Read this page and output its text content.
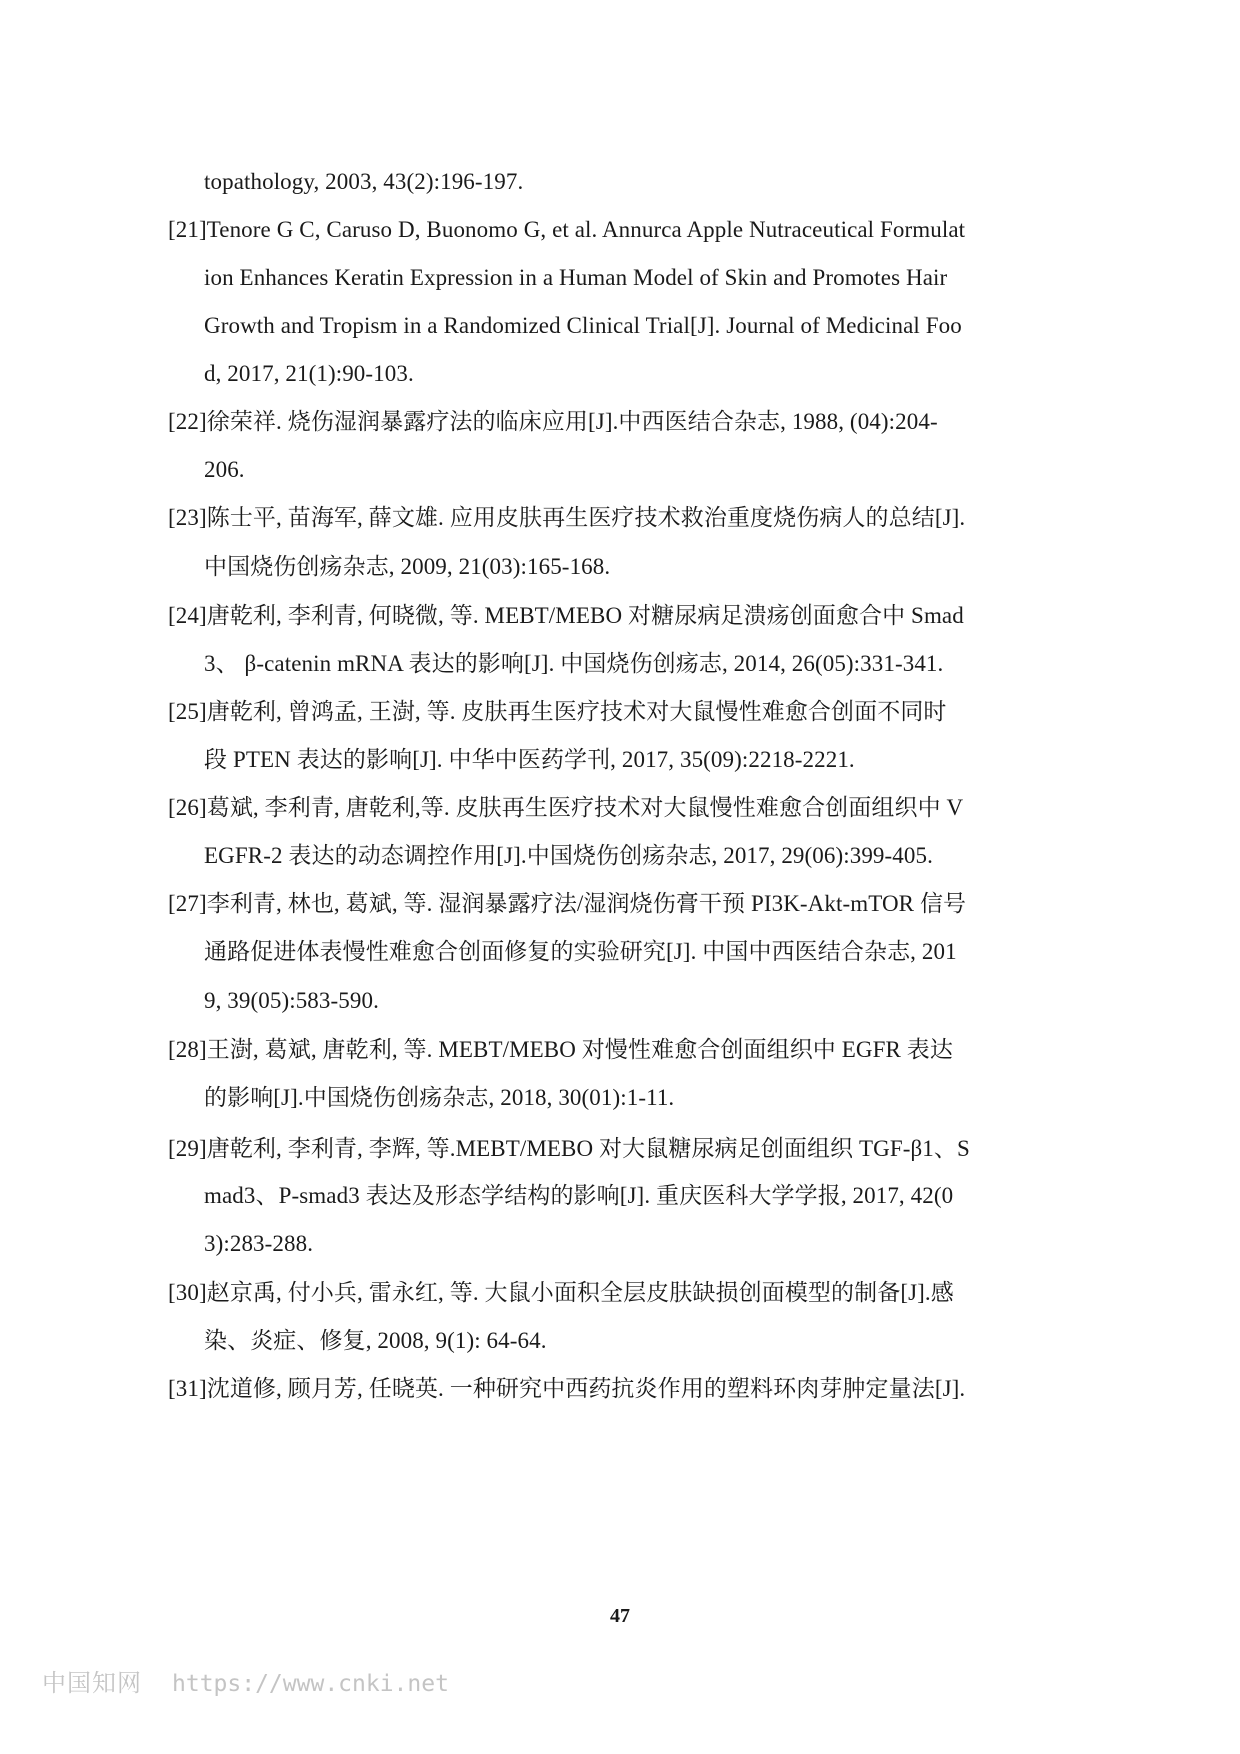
topathology, 2003, 43(2):196-197.
[21]Tenore G C, Caruso D, Buonomo G, et al. Annurca Apple Nutraceutical Formulat
ion Enhances Keratin Expression in a Human Model of Skin and Promotes Hair
Growth and Tropism in a Randomized Clinical Trial[J]. Journal of Medicinal Foo
d, 2017, 21(1):90-103.
[22]徐荣祥. 烧伤湿润暴露疗法的临床应用[J].中西医结合杂志, 1988, (04):204-
206.
[23]陈士平, 苗海军, 薛文雄. 应用皮肤再生医疗技术救治重度烧伤病人的总结[J].
中国烧伤创疡杂志, 2009, 21(03):165-168.
[24]唐乾利, 李利青, 何晓微, 等. MEBT/MEBO 对糖尿病足溃疡创面愈合中 Smad
3、 β-catenin mRNA 表达的影响[J]. 中国烧伤创疡志, 2014, 26(05):331-341.
[25]唐乾利, 曾鸿孟, 王澍, 等. 皮肤再生医疗技术对大鼠慢性难愈合创面不同时
段 PTEN 表达的影响[J]. 中华中医药学刊, 2017, 35(09):2218-2221.
[26]葛斌, 李利青, 唐乾利,等. 皮肤再生医疗技术对大鼠慢性难愈合创面组织中 V
EGFR-2 表达的动态调控作用[J].中国烧伤创疡杂志, 2017, 29(06):399-405.
[27]李利青, 林也, 葛斌, 等. 湿润暴露疗法/湿润烧伤膏干预 PI3K-Akt-mTOR 信号
通路促进体表慢性难愈合创面修复的实验研究[J]. 中国中西医结合杂志, 201
9, 39(05):583-590.
[28]王澍, 葛斌, 唐乾利, 等. MEBT/MEBO 对慢性难愈合创面组织中 EGFR 表达
的影响[J].中国烧伤创疡杂志, 2018, 30(01):1-11.
[29]唐乾利, 李利青, 李辉, 等.MEBT/MEBO 对大鼠糖尿病足创面组织 TGF-β1、S
mad3、P-smad3 表达及形态学结构的影响[J]. 重庆医科大学学报, 2017, 42(0
3):283-288.
[30]赵京禹, 付小兵, 雷永红, 等. 大鼠小面积全层皮肤缺损创面模型的制备[J].感
染、炎症、修复, 2008, 9(1): 64-64.
[31]沈道修, 顾月芳, 任晓英. 一种研究中西药抗炎作用的塑料环肉芽肿定量法[J].
47
中国知网 https://www.cnki.net
